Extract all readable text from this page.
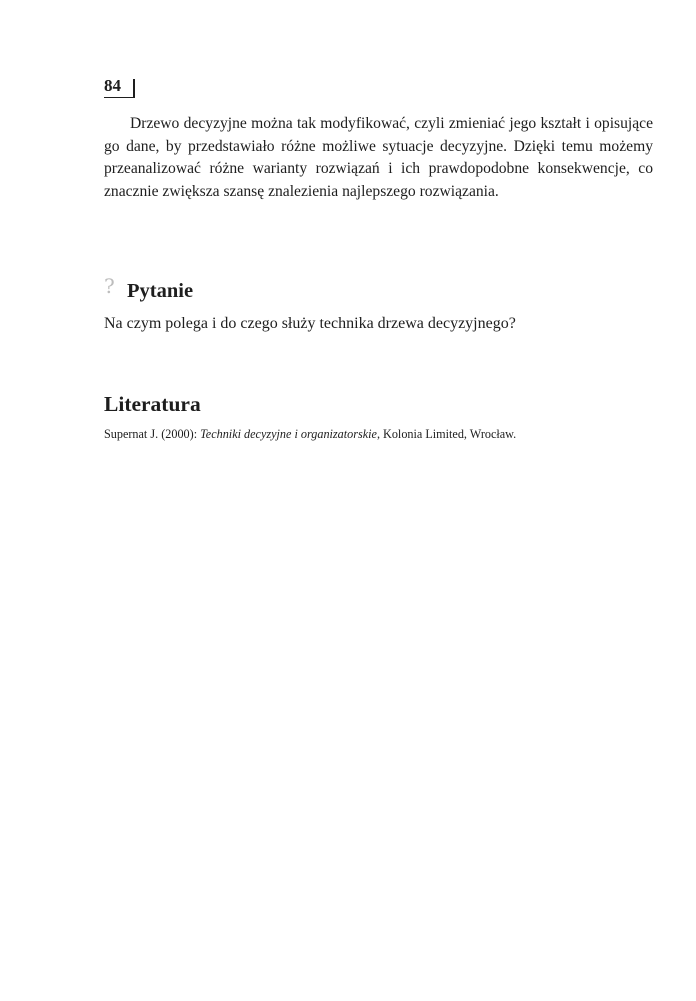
84

Drzewo decyzyjne można tak modyfikować, czyli zmieniać jego kształt i opisujące go dane, by przedstawiało różne możliwe sytuacje decyzyjne. Dzięki temu możemy przeanalizować różne warianty rozwiązań i ich prawdopodobne konsekwencje, co znacznie zwiększa szansę znalezienia najlepszego rozwiązania.

? Pytanie

Na czym polega i do czego służy technika drzewa decyzyjnego?

Literatura

Supernat J. (2000): Techniki decyzyjne i organizatorskie, Kolonia Limited, Wrocław.
